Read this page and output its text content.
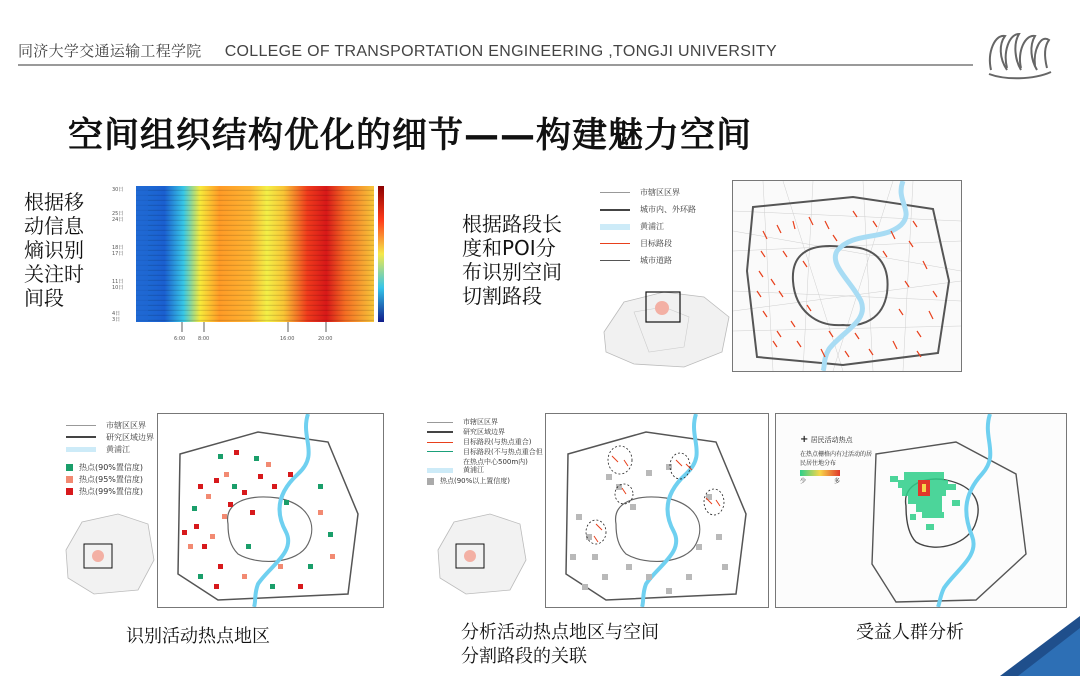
同济大学交通运输工程学院 COLLEGE OF TRANSPORTATION ENGINEERING ,TONGJI UNIVERSITY
空间组织结构优化的细节——构建魅力空间
根据移动信息熵识别关注时间段
6:00	8:00	16:00	20:00
30日
25日
24日
18日
17日
11日
10日
4日
3日
根据路段长度和POI分布识别空间切割路段
市辖区区界
城市内、外环路
黄浦江
目标路段
城市道路
市辖区区界
研究区域边界
黄浦江
热点(90%置信度)
热点(95%置信度)
热点(99%置信度)
市辖区区界
研究区域边界
目标路段(与热点重合)
目标路段(不与热点重合但在热点中心500m内)
黄浦江
热点(90%以上置信度)
+ 居民活动热点
在热点栅格内有过活动的居民居住地分布
少	多
识别活动热点地区	分析活动热点地区与空间分割路段的关联
受益人群分析
